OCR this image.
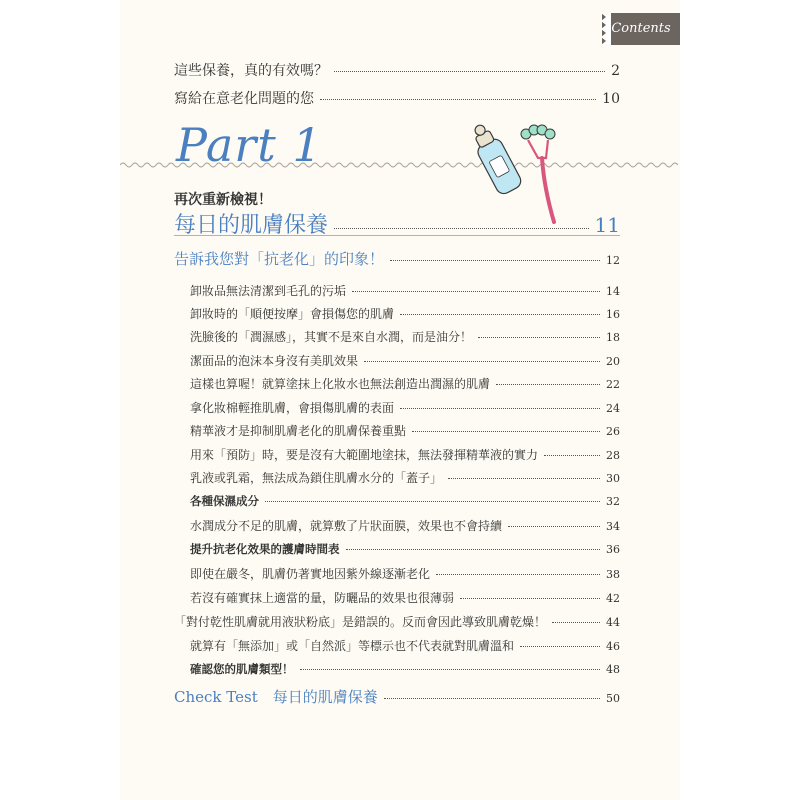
Contents
這些保養，真的有效嗎？	2
寫給在意老化問題的您	10
Part 1
再次重新檢視！
每日的肌膚保養	11
告訴我您對「抗老化」的印象！	12
卸妝品無法清潔到毛孔的污垢	14
卸妝時的「順便按摩」會損傷您的肌膚	16
洗臉後的「潤濕感」，其實不是來自水潤，而是油分！	18
潔面品的泡沫本身沒有美肌效果	20
這樣也算喔！就算塗抹上化妝水也無法創造出潤濕的肌膚	22
拿化妝棉輕推肌膚，會損傷肌膚的表面	24
精華液才是抑制肌膚老化的肌膚保養重點	26
用來「預防」時，要是沒有大範圍地塗抹，無法發揮精華液的實力	28
乳液或乳霜，無法成為鎖住肌膚水分的「蓋子」	30
各種保濕成分	32
水潤成分不足的肌膚，就算敷了片狀面膜，效果也不會持續	34
提升抗老化效果的護膚時間表	36
即使在嚴冬，肌膚仍著實地因紫外線逐漸老化	38
若沒有確實抹上適當的量，防曬品的效果也很薄弱	42
「對付乾性肌膚就用液狀粉底」是錯誤的。反而會因此導致肌膚乾燥！	44
就算有「無添加」或「自然派」等標示也不代表就對肌膚溫和	46
確認您的肌膚類型！	48
Check Test　每日的肌膚保養	50
